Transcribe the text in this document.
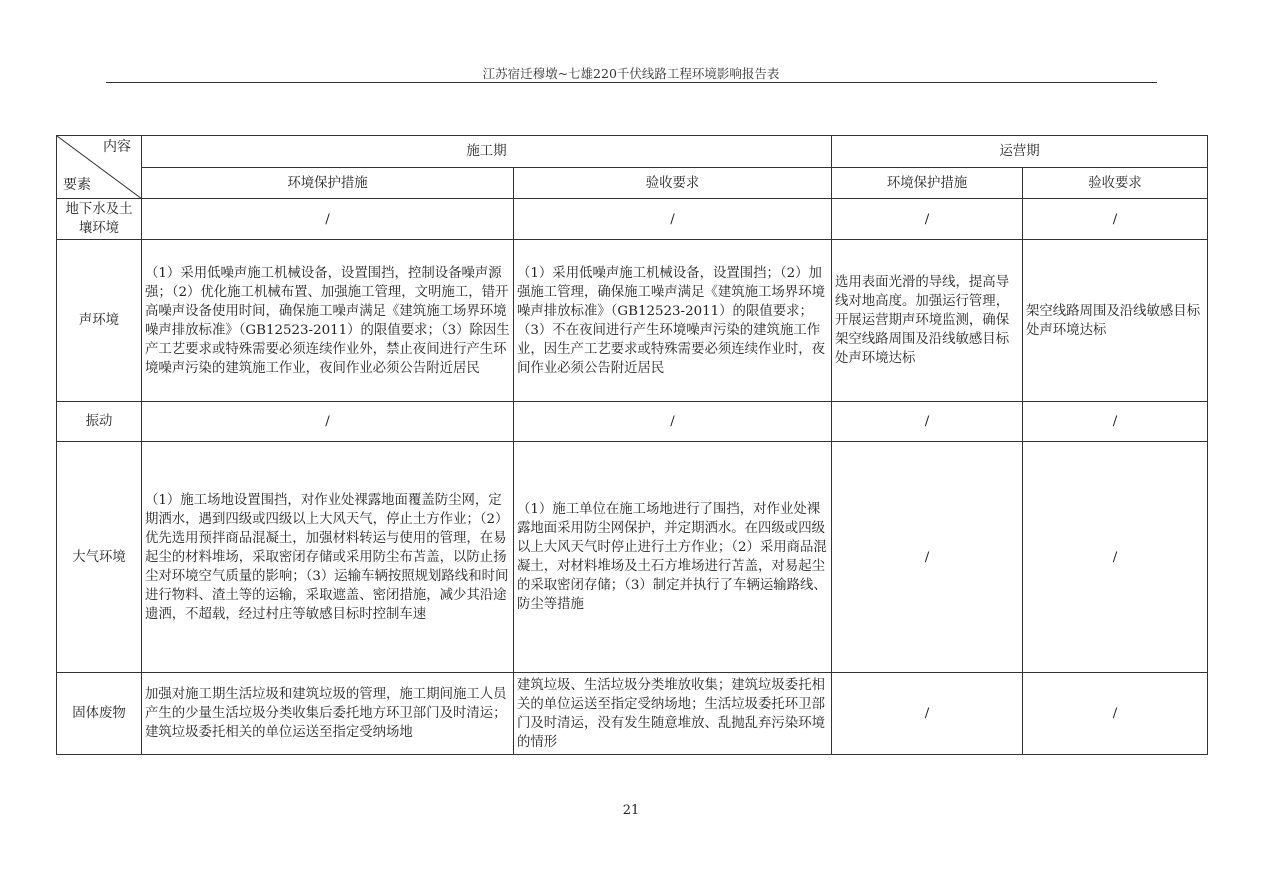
江苏宿迁穆墩~七雄220千伏线路工程环境影响报告表
内容
要素	施工期		运营期	
	环境保护措施	验收要求	环境保护措施	验收要求
地下水及土壤环境	/	/	/	/
声环境	（1）采用低噪声施工机械设备，设置围挡，控制设备噪声源强；（2）优化施工机械布置、加强施工管理，文明施工，错开高噪声设备使用时间，确保施工噪声满足《建筑施工场界环境噪声排放标准》（GB12523-2011）的限值要求；（3）除因生产工艺要求或特殊需要必须连续作业外，禁止夜间进行产生环境噪声污染的建筑施工作业，夜间作业必须公告附近居民	（1）采用低噪声施工机械设备，设置围挡；（2）加强施工管理，确保施工噪声满足《建筑施工场界环境噪声排放标准》（GB12523-2011）的限值要求；（3）不在夜间进行产生环境噪声污染的建筑施工作业，因生产工艺要求或特殊需要必须连续作业时，夜间作业必须公告附近居民	选用表面光滑的导线，提高导线对地高度。加强运行管理，开展运营期声环境监测，确保架空线路周围及沿线敏感目标处声环境达标	架空线路周围及沿线敏感目标处声环境达标
振动	/	/	/	/
大气环境	（1）施工场地设置围挡，对作业处裸露地面覆盖防尘网，定期洒水，遇到四级或四级以上大风天气，停止土方作业；（2）优先选用预拌商品混凝土，加强材料转运与使用的管理，在易起尘的材料堆场，采取密闭存储或采用防尘布苫盖，以防止扬尘对环境空气质量的影响；（3）运输车辆按照规划路线和时间进行物料、渣土等的运输，采取遮盖、密闭措施，减少其沿途遗洒，不超载，经过村庄等敏感目标时控制车速	（1）施工单位在施工场地进行了围挡，对作业处裸露地面采用防尘网保护，并定期洒水。在四级或四级以上大风天气时停止进行土方作业；（2）采用商品混凝土，对材料堆场及土石方堆场进行苫盖，对易起尘的采取密闭存储；（3）制定并执行了车辆运输路线、防尘等措施	/	/
固体废物	加强对施工期生活垃圾和建筑垃圾的管理，施工期间施工人员产生的少量生活垃圾分类收集后委托地方环卫部门及时清运；建筑垃圾委托相关的单位运送至指定受纳场地	建筑垃圾、生活垃圾分类堆放收集；建筑垃圾委托相关的单位运送至指定受纳场地；生活垃圾委托环卫部门及时清运，没有发生随意堆放、乱抛乱弃污染环境的情形	/	/
21
